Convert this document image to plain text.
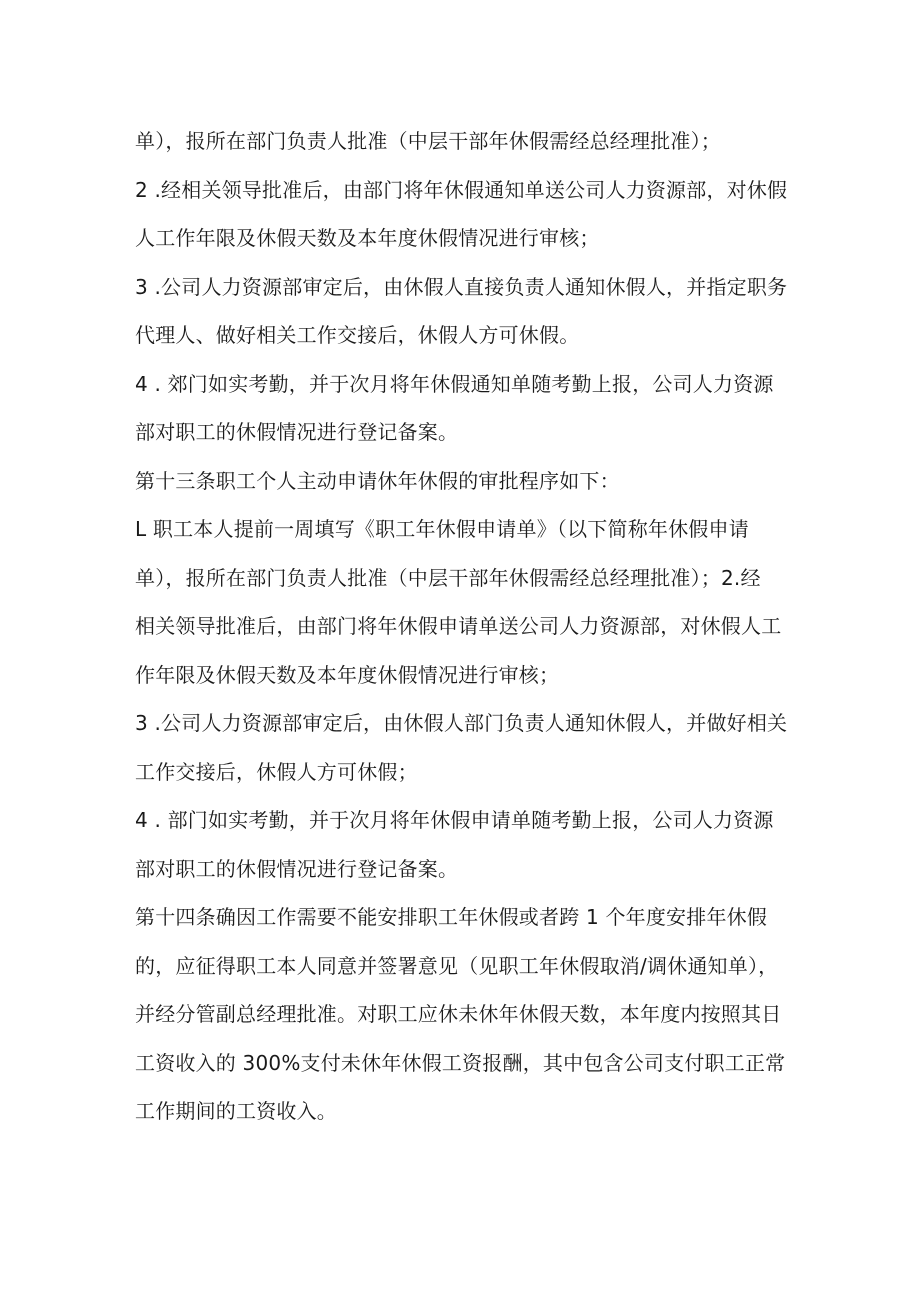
单），报所在部门负责人批准（中层干部年休假需经总经理批准）；
2 .经相关领导批准后，由部门将年休假通知单送公司人力资源部，对休假
人工作年限及休假天数及本年度休假情况进行审核；
3 .公司人力资源部审定后，由休假人直接负责人通知休假人，并指定职务
代理人、做好相关工作交接后，休假人方可休假。
4 . 郊门如实考勤，并于次月将年休假通知单随考勤上报，公司人力资源
部对职工的休假情况进行登记备案。
第十三条职工个人主动申请休年休假的审批程序如下：
L 职工本人提前一周填写《职工年休假申请单》（以下简称年休假申请
单），报所在部门负责人批准（中层干部年休假需经总经理批准）；2.经
相关领导批准后，由部门将年休假申请单送公司人力资源部，对休假人工
作年限及休假天数及本年度休假情况进行审核；
3 .公司人力资源部审定后，由休假人部门负责人通知休假人，并做好相关
工作交接后，休假人方可休假；
4 . 部门如实考勤，并于次月将年休假申请单随考勤上报，公司人力资源
部对职工的休假情况进行登记备案。
第十四条确因工作需要不能安排职工年休假或者跨 1 个年度安排年休假
的，应征得职工本人同意并签署意见（见职工年休假取消/调休通知单），
并经分管副总经理批准。对职工应休未休年休假天数，本年度内按照其日
工资收入的 300%支付未休年休假工资报酬，其中包含公司支付职工正常
工作期间的工资收入。
